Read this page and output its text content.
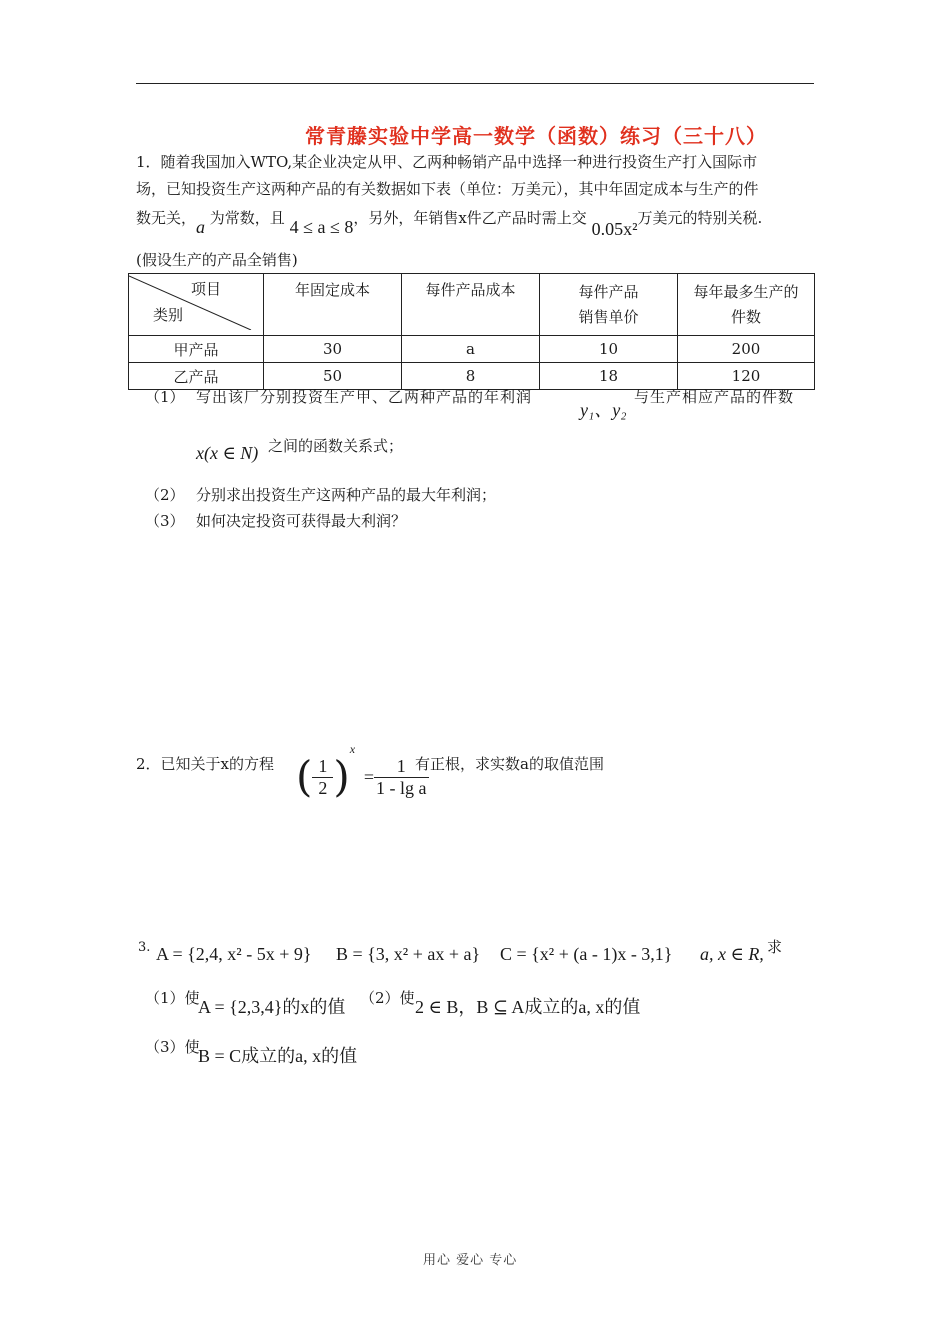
常青藤实验中学高一数学（函数）练习（三十八）
1．随着我国加入WTO,某企业决定从甲、乙两种畅销产品中选择一种进行投资生产打入国际市
场，已知投资生产这两种产品的有关数据如下表（单位：万美元），其中年固定成本与生产的件
数无关，a 为常数，且 4 ≤ a ≤ 8，另外，年销售x件乙产品时需上交 0.05x²万美元的特别关税.
(假设生产的产品全销售)
项目
类别	年固定成本	每件产品成本	每件产品
销售单价	每年最多生产的
件数
甲产品	30	a	10	200
乙产品	50	8	18	120
（1） 写出该厂分别投资生产甲、乙两种产品的年利润
y₁、y₂
与生产相应产品的件数
x(x ∈ N) 之间的函数关系式；
（2） 分别求出投资生产这两种产品的最大年利润；
（3） 如何决定投资可获得最大利润？
2．已知关于x的方程 ( $\frac{1}{2} )^x = \frac{1}{\text{1 - lg a}}$
有正根，求实数a的取值范围
3. A = {2,4, x² - 5x + 9} B = {3, x² + ax + a} C = {x² + (a - 1)x - 3,1} a, x ∈ R, 求
（1）使
A = {2,3,4}的x的值 （2）使 2 ∈ B，B ⊆ A成立的a, x的值
（3）使
B = C成立的a, x的值
用心 爱心 专心
